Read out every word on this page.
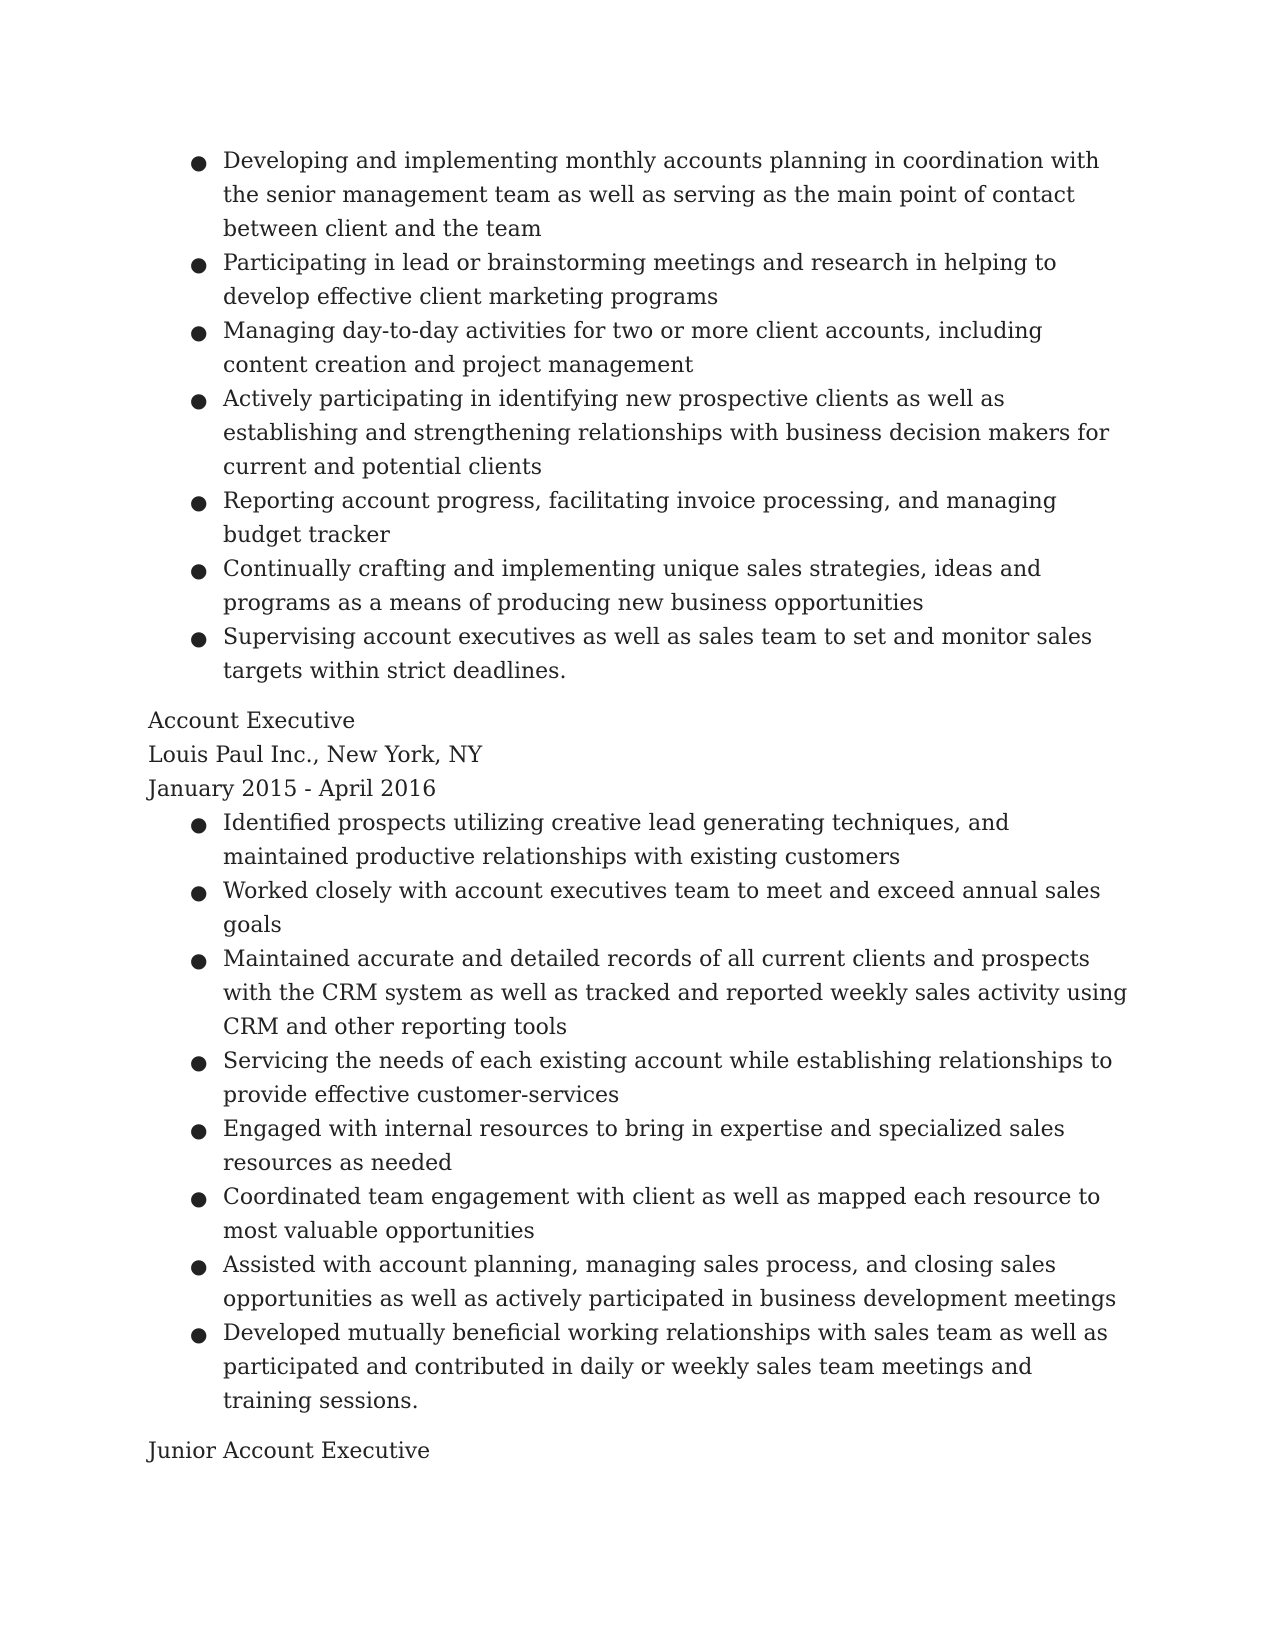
● Developing and implementing monthly accounts planning in coordination with the senior management team as well as serving as the main point of contact between client and the team
● Participating in lead or brainstorming meetings and research in helping to develop effective client marketing programs
● Managing day-to-day activities for two or more client accounts, including content creation and project management
● Actively participating in identifying new prospective clients as well as establishing and strengthening relationships with business decision makers for current and potential clients
● Reporting account progress, facilitating invoice processing, and managing budget tracker
● Continually crafting and implementing unique sales strategies, ideas and programs as a means of producing new business opportunities
● Supervising account executives as well as sales team to set and monitor sales targets within strict deadlines.

Account Executive

Louis Paul Inc., New York, NY

January 2015 - April 2016

● Identified prospects utilizing creative lead generating techniques, and maintained productive relationships with existing customers
● Worked closely with account executives team to meet and exceed annual sales goals
● Maintained accurate and detailed records of all current clients and prospects with the CRM system as well as tracked and reported weekly sales activity using CRM and other reporting tools
● Servicing the needs of each existing account while establishing relationships to provide effective customer-services
● Engaged with internal resources to bring in expertise and specialized sales resources as needed
● Coordinated team engagement with client as well as mapped each resource to most valuable opportunities
● Assisted with account planning, managing sales process, and closing sales opportunities as well as actively participated in business development meetings
● Developed mutually beneficial working relationships with sales team as well as participated and contributed in daily or weekly sales team meetings and training sessions.

Junior Account Executive
